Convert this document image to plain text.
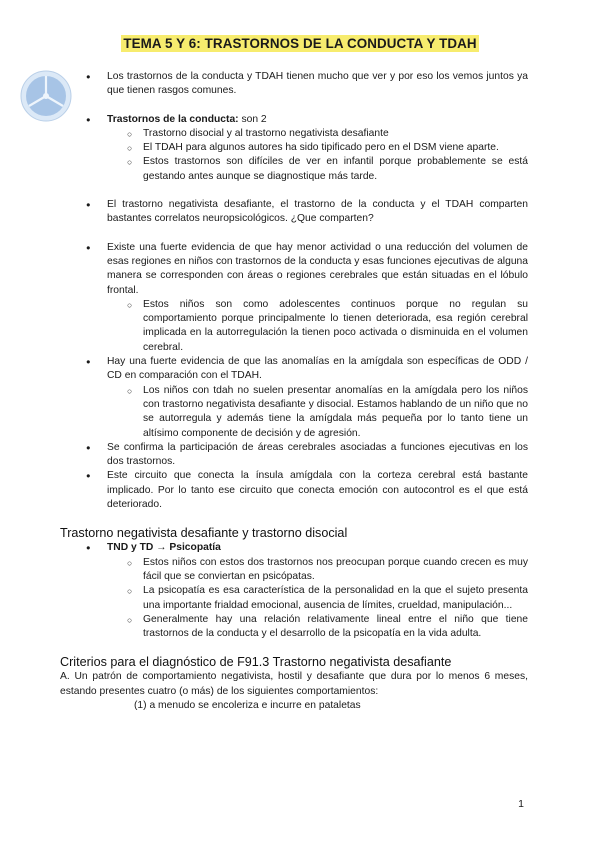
TEMA 5 Y 6: TRASTORNOS DE LA CONDUCTA Y TDAH
● Los trastornos de la conducta y TDAH tienen mucho que ver y por eso los vemos juntos ya que tienen rasgos comunes.
● Trastornos de la conducta: son 2
○ Trastorno disocial y al trastorno negativista desafiante
○ El TDAH para algunos autores ha sido tipificado pero en el DSM viene aparte.
○ Estos trastornos son difíciles de ver en infantil porque probablemente se está gestando antes aunque se diagnostique más tarde.
● El trastorno negativista desafiante, el trastorno de la conducta y el TDAH comparten bastantes correlatos neuropsicológicos. ¿Que comparten?
● Existe una fuerte evidencia de que hay menor actividad o una reducción del volumen de esas regiones en niños con trastornos de la conducta y esas funciones ejecutivas de alguna manera se corresponden con áreas o regiones cerebrales que están situadas en el lóbulo frontal.
○ Estos niños son como adolescentes continuos porque no regulan su comportamiento porque principalmente lo tienen deteriorada, esa región cerebral implicada en la autorregulación la tienen poco activada o disminuida en el volumen cerebral.
● Hay una fuerte evidencia de que las anomalías en la amígdala son específicas de ODD / CD en comparación con el TDAH.
○ Los niños con tdah no suelen presentar anomalías en la amígdala pero los niños con trastorno negativista desafiante y disocial. Estamos hablando de un niño que no se autorregula y además tiene la amígdala más pequeña por lo tanto tiene un altísimo componente de decisión y de agresión.
● Se confirma la participación de áreas cerebrales asociadas a funciones ejecutivas en los dos trastornos.
● Este circuito que conecta la ínsula amígdala con la corteza cerebral está bastante implicado. Por lo tanto ese circuito que conecta emoción con autocontrol es el que está deteriorado.
Trastorno negativista desafiante y trastorno disocial
● TND y TD → Psicopatía
○ Estos niños con estos dos trastornos nos preocupan porque cuando crecen es muy fácil que se conviertan en psicópatas.
○ La psicopatía es esa característica de la personalidad en la que el sujeto presenta una importante frialdad emocional, ausencia de límites, crueldad, manipulación...
○ Generalmente hay una relación relativamente lineal entre el niño que tiene trastornos de la conducta y el desarrollo de la psicopatía en la vida adulta.
Criterios para el diagnóstico de F91.3 Trastorno negativista desafiante
A. Un patrón de comportamiento negativista, hostil y desafiante que dura por lo menos 6 meses, estando presentes cuatro (o más) de los siguientes comportamientos:
(1) a menudo se encoleriza e incurre en pataletas
1
